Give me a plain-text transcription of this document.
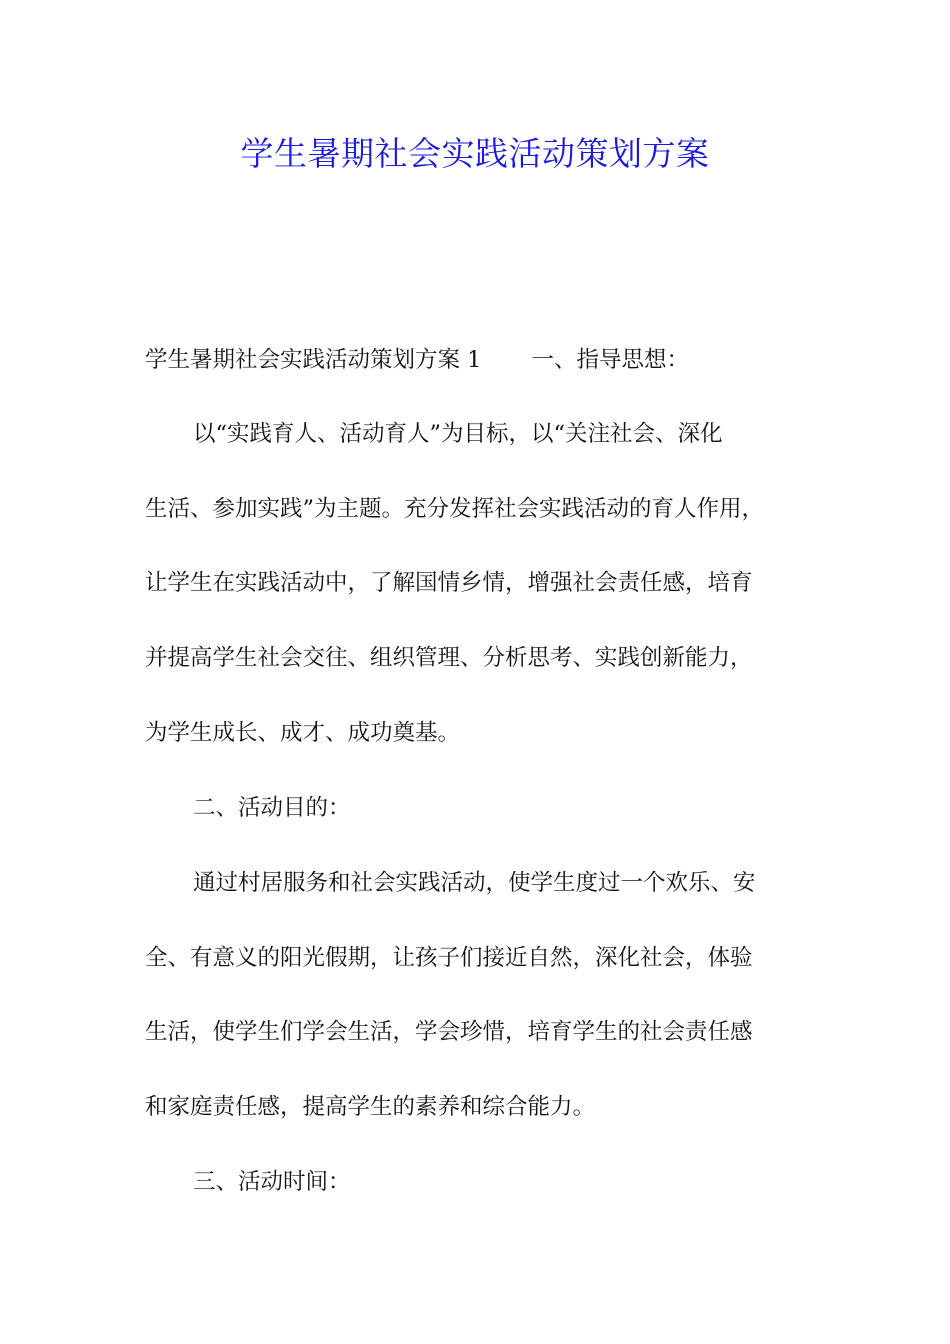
学生暑期社会实践活动策划方案
学生暑期社会实践活动策划方案 1 一、指导思想：
以“实践育人、活动育人”为目标，以“关注社会、深化
生活、参加实践”为主题。充分发挥社会实践活动的育人作用，
让学生在实践活动中，了解国情乡情，增强社会责任感，培育
并提高学生社会交往、组织管理、分析思考、实践创新能力，
为学生成长、成才、成功奠基。
二、活动目的：
通过村居服务和社会实践活动，使学生度过一个欢乐、安
全、有意义的阳光假期，让孩子们接近自然，深化社会，体验
生活，使学生们学会生活，学会珍惜，培育学生的社会责任感
和家庭责任感，提高学生的素养和综合能力。
三、活动时间：
